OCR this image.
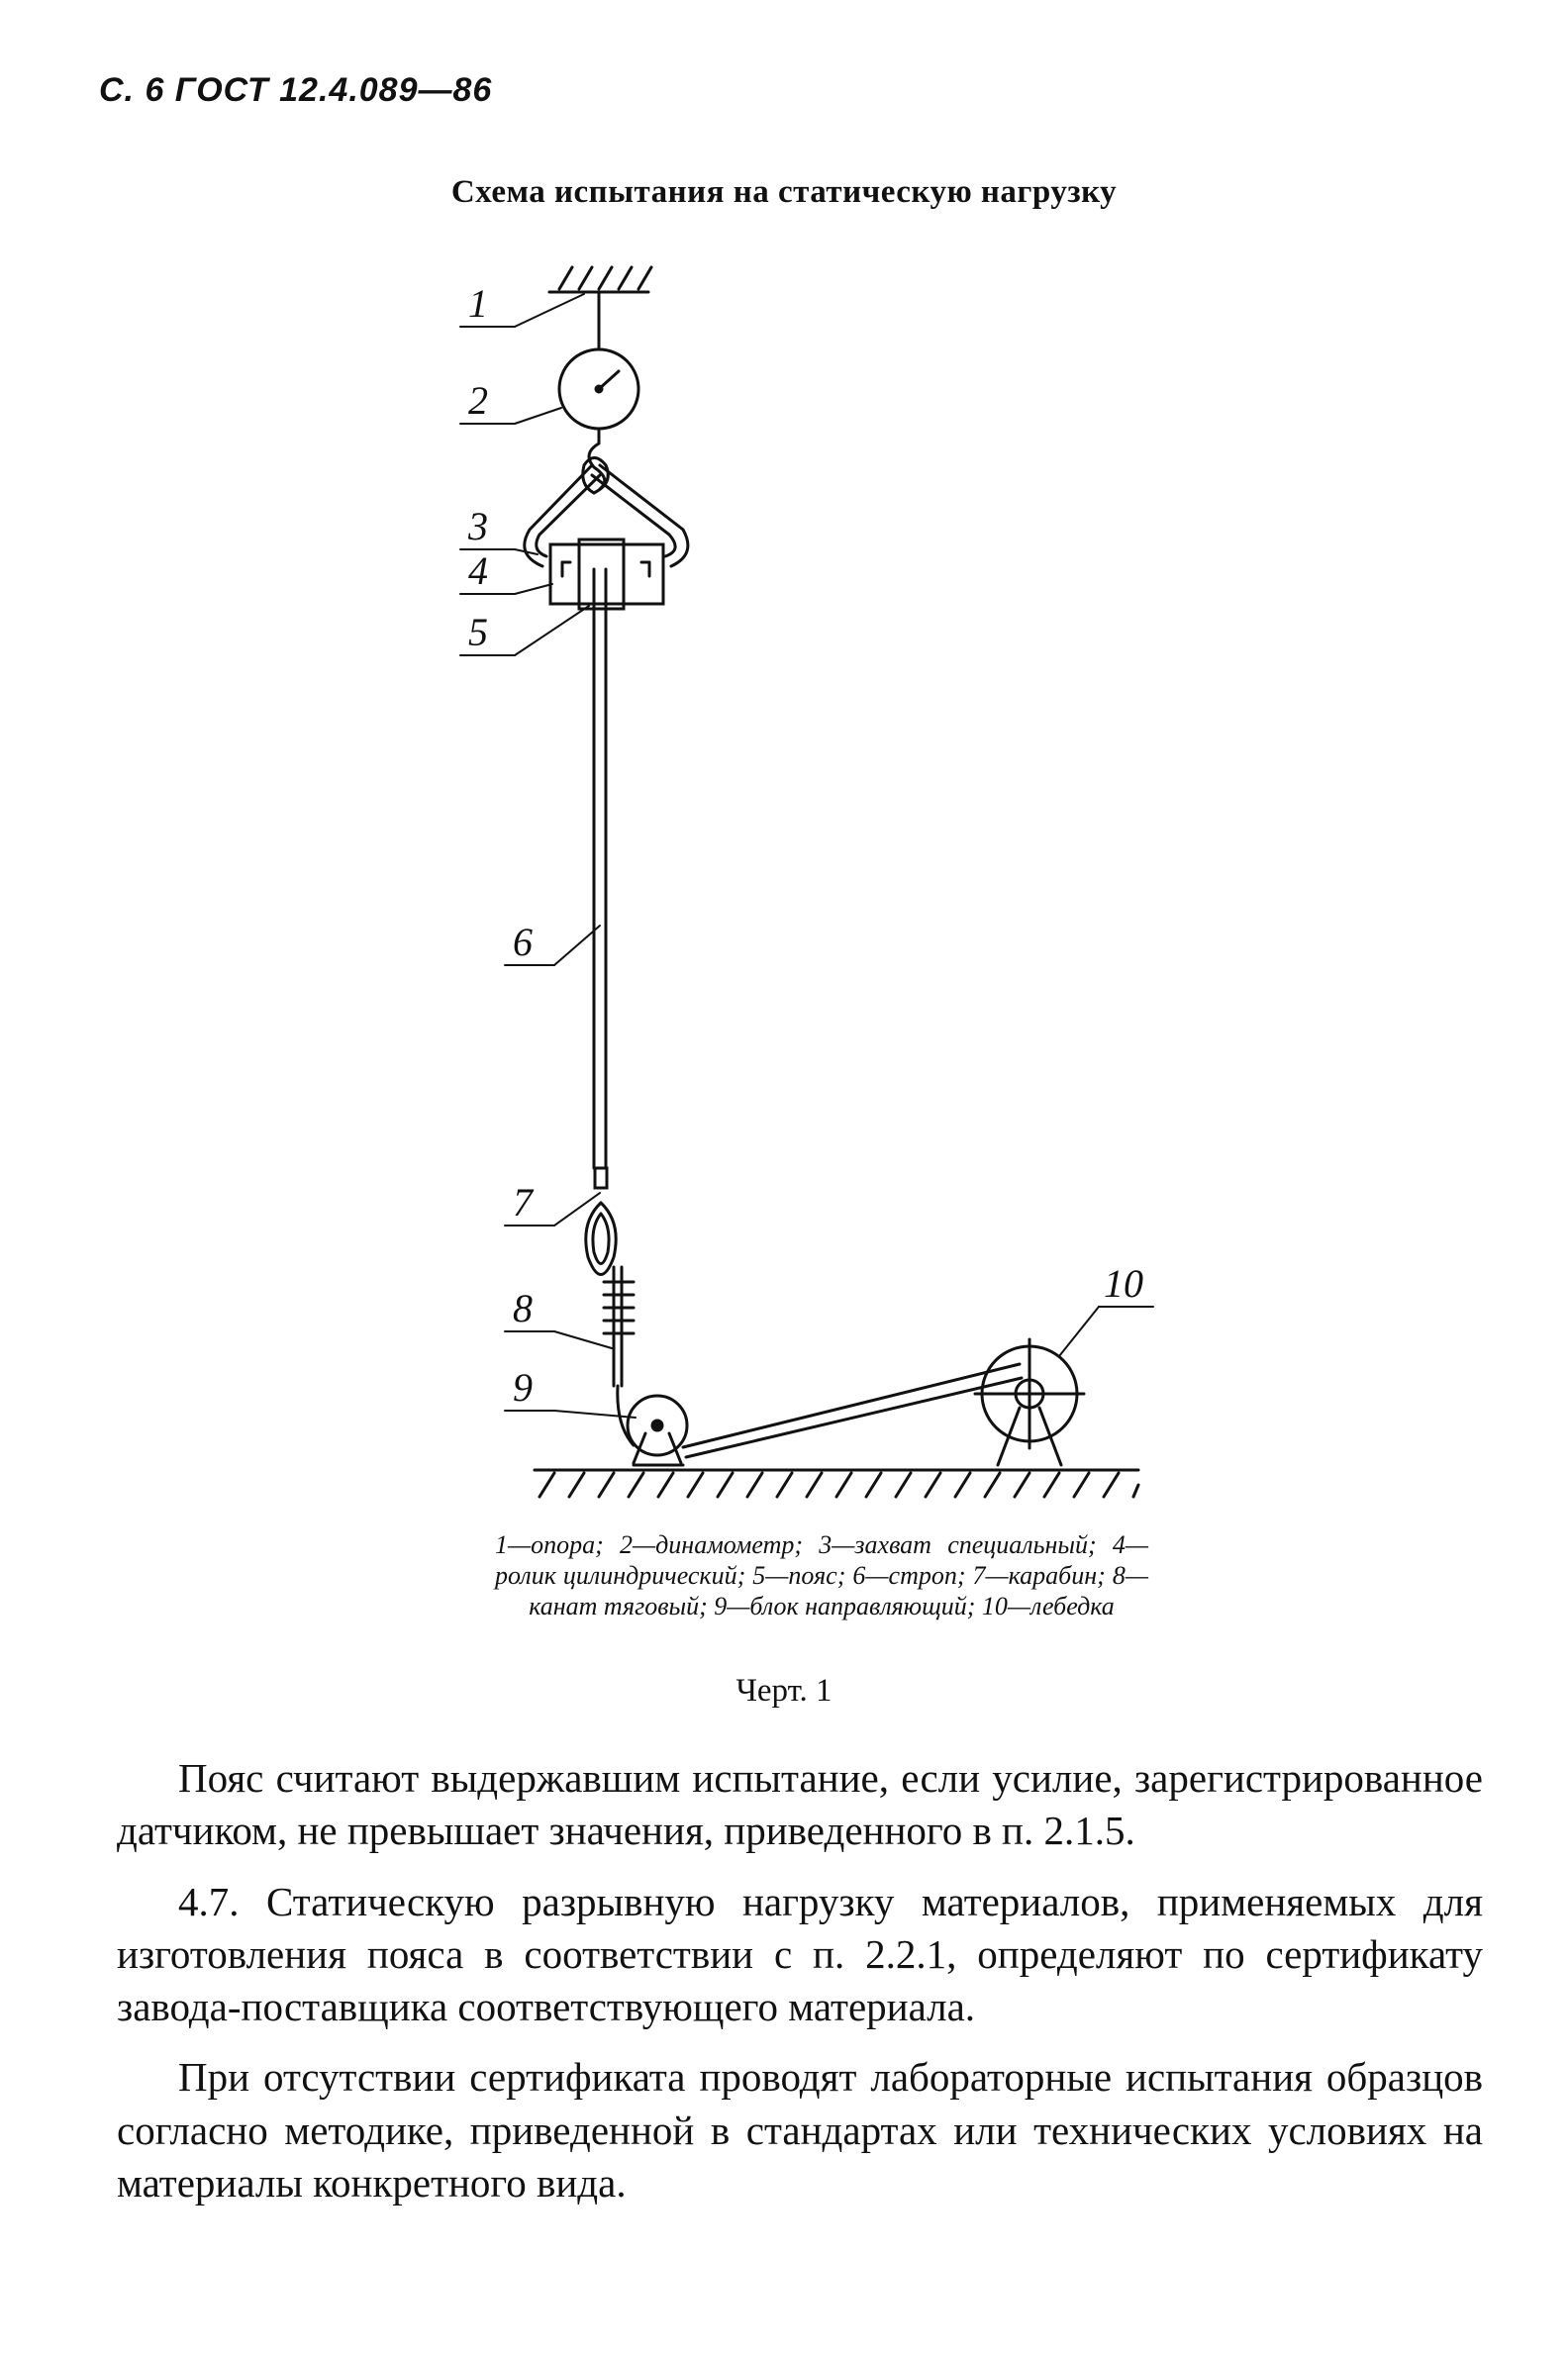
С. 6 ГОСТ 12.4.089—86
Схема испытания на статическую нагрузку
1
2
3
4
5
6
7
8
9
10
1—опора; 2—динамометр; 3—захват специальный; 4—ролик цилиндрический; 5—пояс; 6—строп; 7—карабин; 8—канат тяговый; 9—блок направляющий; 10—лебедка
Черт. 1

Пояс считают выдержавшим испытание, если усилие, зарегистрированное датчиком, не превышает значения, приведенного в п. 2.1.5.

4.7. Статическую разрывную нагрузку материалов, применяемых для изготовления пояса в соответствии с п. 2.2.1, определяют по сертификату завода-поставщика соответствующего материала.

При отсутствии сертификата проводят лабораторные испытания образцов согласно методике, приведенной в стандартах или технических условиях на материалы конкретного вида.
